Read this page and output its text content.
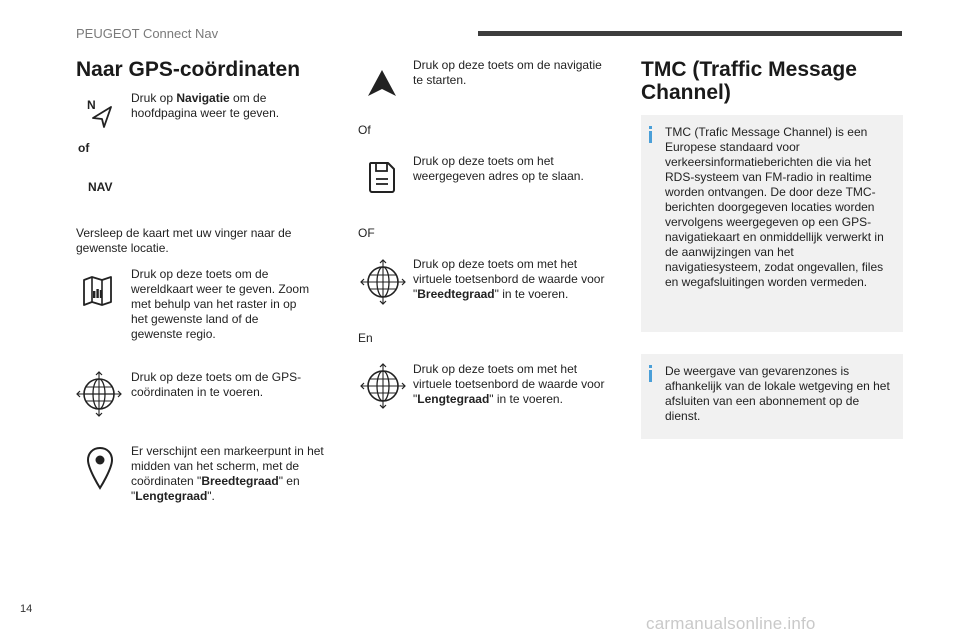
PEUGEOT Connect Nav
Naar GPS-coördinaten
N	Druk op Navigatie om de hoofdpagina weer te geven.
of
NAV
Versleep de kaart met uw vinger naar de gewenste locatie.
Druk op deze toets om de wereldkaart weer te geven. Zoom met behulp van het raster in op het gewenste land of de gewenste regio.
Druk op deze toets om de GPS-coördinaten in te voeren.
Er verschijnt een markeerpunt in het midden van het scherm, met de coördinaten "Breedtegraad" en "Lengtegraad".
Druk op deze toets om de navigatie te starten.
Of
Druk op deze toets om het weergegeven adres op te slaan.
OF
Druk op deze toets om met het virtuele toetsenbord de waarde voor "Breedtegraad" in te voeren.
En
Druk op deze toets om met het virtuele toetsenbord de waarde voor "Lengtegraad" in te voeren.
TMC (Traffic Message
Channel)
TMC (Trafic Message Channel) is een Europese standaard voor verkeersinformatieberichten die via het RDS-systeem van FM-radio in realtime worden ontvangen. De door deze TMC-berichten doorgegeven locaties worden vervolgens weergegeven op een GPS-navigatiekaart en onmiddellijk verwerkt in de aanwijzingen van het navigatiesysteem, zodat ongevallen, files en wegafsluitingen worden vermeden.
De weergave van gevarenzones is afhankelijk van de lokale wetgeving en het afsluiten van een abonnement op de dienst.
14
carmanualsonline.info
